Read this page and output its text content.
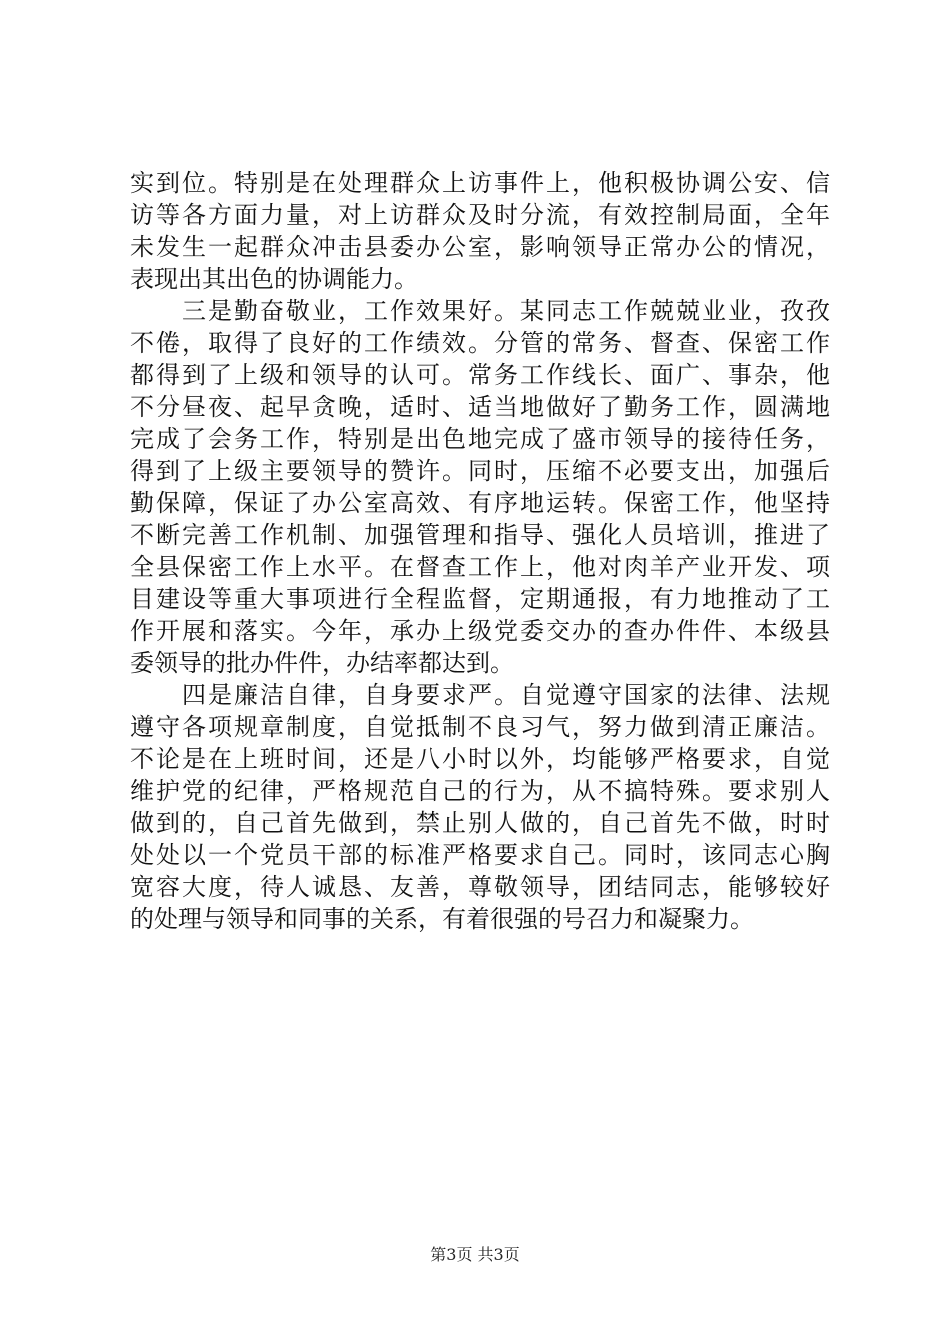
实到位。特别是在处理群众上访事件上，他积极协调公安、信
访等各方面力量，对上访群众及时分流，有效控制局面，全年
未发生一起群众冲击县委办公室，影响领导正常办公的情况，
表现出其出色的协调能力。
　　三是勤奋敬业，工作效果好。某同志工作兢兢业业，孜孜
不倦，取得了良好的工作绩效。分管的常务、督查、保密工作
都得到了上级和领导的认可。常务工作线长、面广、事杂，他
不分昼夜、起早贪晚，适时、适当地做好了勤务工作，圆满地
完成了会务工作，特别是出色地完成了盛市领导的接待任务，
得到了上级主要领导的赞许。同时，压缩不必要支出，加强后
勤保障，保证了办公室高效、有序地运转。保密工作，他坚持
不断完善工作机制、加强管理和指导、强化人员培训，推进了
全县保密工作上水平。在督查工作上，他对肉羊产业开发、项
目建设等重大事项进行全程监督，定期通报，有力地推动了工
作开展和落实。今年，承办上级党委交办的查办件件、本级县
委领导的批办件件，办结率都达到。
　　四是廉洁自律，自身要求严。自觉遵守国家的法律、法规
遵守各项规章制度，自觉抵制不良习气，努力做到清正廉洁。
不论是在上班时间，还是八小时以外，均能够严格要求，自觉
维护党的纪律，严格规范自己的行为，从不搞特殊。要求别人
做到的，自己首先做到，禁止别人做的，自己首先不做，时时
处处以一个党员干部的标准严格要求自己。同时，该同志心胸
宽容大度，待人诚恳、友善，尊敬领导，团结同志，能够较好
的处理与领导和同事的关系，有着很强的号召力和凝聚力。
第3页 共3页
